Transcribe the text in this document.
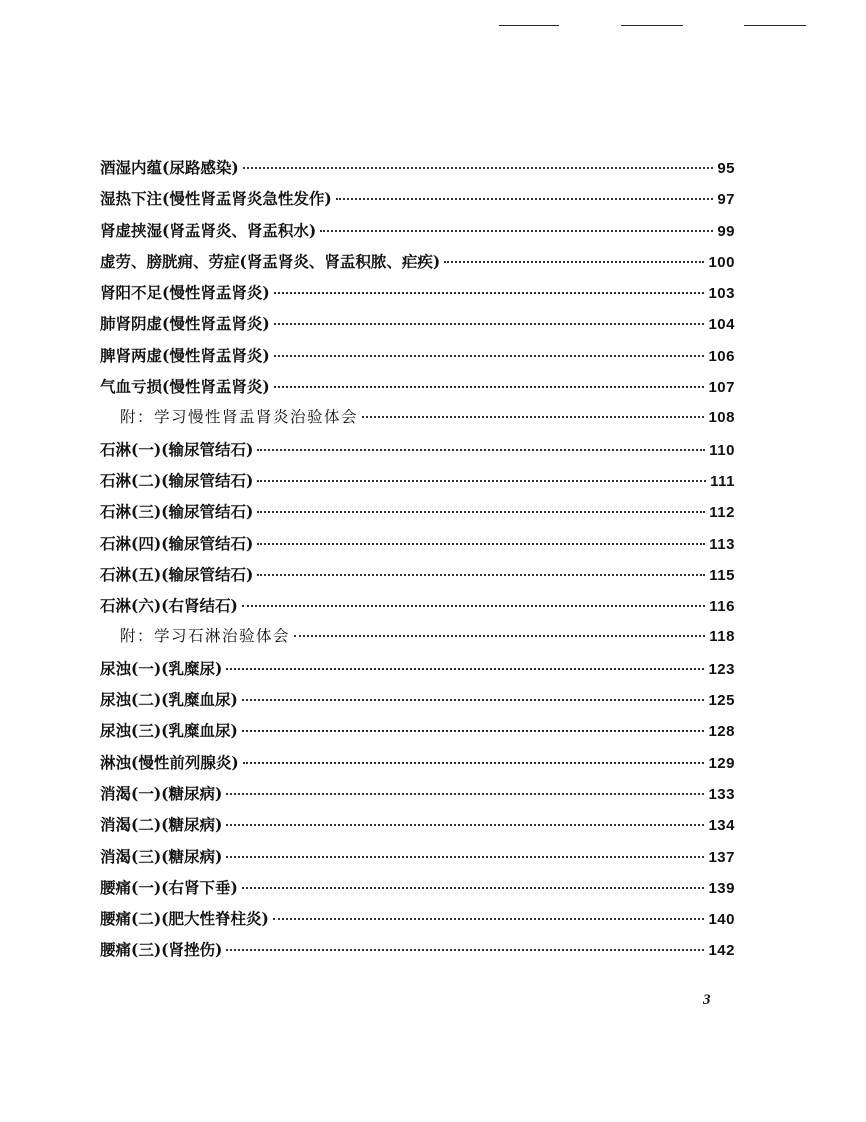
酒湿内蕴(尿路感染)	95
湿热下注(慢性肾盂肾炎急性发作)	97
肾虚挟湿(肾盂肾炎、肾盂积水)	99
虚劳、膀胱痈、劳症(肾盂肾炎、肾盂积脓、疟疾)	100
肾阳不足(慢性肾盂肾炎)	103
肺肾阴虚(慢性肾盂肾炎)	104
脾肾两虚(慢性肾盂肾炎)	106
气血亏损(慢性肾盂肾炎)	107
附：学习慢性肾盂肾炎治验体会	108
石淋(一)(输尿管结石)	110
石淋(二)(输尿管结石)	111
石淋(三)(输尿管结石)	112
石淋(四)(输尿管结石)	113
石淋(五)(输尿管结石)	115
石淋(六)(右肾结石)	116
附：学习石淋治验体会	118
尿浊(一)(乳糜尿)	123
尿浊(二)(乳糜血尿)	125
尿浊(三)(乳糜血尿)	128
淋浊(慢性前列腺炎)	129
消渴(一)(糖尿病)	133
消渴(二)(糖尿病)	134
消渴(三)(糖尿病)	137
腰痛(一)(右肾下垂)	139
腰痛(二)(肥大性脊柱炎)	140
腰痛(三)(肾挫伤)	142
3
